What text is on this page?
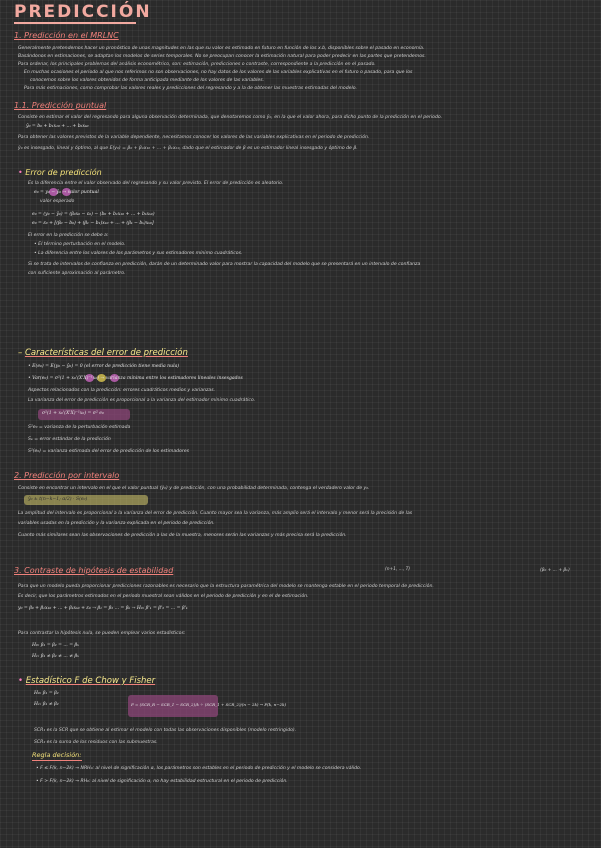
PREDICCIÓN
1. Predicción en el MRLNC
Generalmente pretendemos hacer un pronóstico de unas magnitudes en las que su valor es estimado en futuro en función de los x.b, disponibles sobre el pasado en economía.
Basándonos en estimaciones, se adaptan los modelos de series temporales. No se preocupan conocer la estimación natural para poder predecir en las partes que pretendemos.
Para ordenar, los principales problemas del análisis econométrico, son: estimación, predicciones o contraste, correspondiente a la predicción en el pasado.
En muchas ocasiones el periodo al que nos referimos no son observaciones, no hay datos de los valores de las variables explicativas en el futuro o pasado, para que los
conocemos sobre los valores obtenidos de forma anticipada mediante de los valores de las variables.
Para más estimaciones, como comprobar las valores reales y predicciones del regresando y a la de obtener las muestras estimadas del modelo.
1.1. Predicción puntual
Consiste en estimar el valor del regresando para alguna observación determinada, que denotaremos como ŷ₀, en la que el valor ahora, para dicho punto de la predicción en el periodo.
ŷ₀ = b₀ + b₁x₁₀ + ... + bₖxₖ₀
Para obtener las valores previstos de la variable dependiente, necesitamos conocer los valores de las variables explicativas en el periodo de predicción.
ŷ₀ es insesgado, lineal y óptimo, al que E(y₀) = β₀ + β₁x₁₀ + ... + βₖxₖ₀, dado que el estimador de β es un estimador lineal insesgado y óptimo de β.
• Error de predicción
Es la diferencia entre el valor observado del regresando y su valor previsto. El error de predicción es aleatorio.
e₀ = y₀ − ŷ₀ → valor puntual
valor esperado
e₀ = (y₀ − ŷ₀) = (β₀x₀ − ε₀) − (b₀ + b₁x₁₀ + ... + bₖxₖ₀)
e₀ = ε₀ + [(β₀ − b₀) + (β₁ − b₁)x₁₀ + ... + (βₖ − bₖ)xₖ₀]
El error en la predicción se debe a:
• El término perturbación en el modelo.
• La diferencia entre los valores de los parámetros y sus estimadores mínimo cuadráticos.
Si se trata de intervalos de confianza en predicción, darán de un determinado valor para mostrar la capacidad del modelo que se presentará en un intervalo de confianza
con suficiente aproximación al parámetro.
– Características del error de predicción
• E(e₀) = E(y₀ − ŷ₀) = 0 (el error de predicción tiene media nula)
• Var(e₀) = σ²(1 + x₀'(X'X)⁻¹x₀) → varianza mínima entre los estimadores lineales insesgados
Aspectos relacionados con la predicción: errores cuadráticos medios y varianzas.
La varianza del error de predicción es proporcional a la varianza del estimador mínimo cuadrático.
σ²(1 + x₀'(X'X)⁻¹x₀) = σ² e₀
S²e₀ = varianza de la perturbación estimada
Sₑ = error estándar de la predicción
S²(e₀) = varianza estimada del error de predicción de los estimadores
2. Predicción por intervalo
Consiste en encontrar un intervalo en el que el valor puntual (ŷ₀) y de predicción, con una probabilidad determinada, contenga el verdadero valor de y₀.
ŷ₀ ± t(n−k−1; α/2) · S(e₀)
La amplitud del intervalo es proporcional a la varianza del error de predicción. Cuanto mayor sea la varianza, más amplio será el intervalo y menor será la precisión de las
variables usadas en la predicción y la varianza explicada en el periodo de predicción.
Cuanto más similares sean las observaciones de predicción a las de la muestra, menores serán las varianzas y más precisa será la predicción.
3. Contraste de hipótesis de estabilidad	(n+1, ..., T)	(β₀ + ... + βₖ)
Para que un modelo pueda proporcionar predicciones razonables es necesario que la estructura paramétrica del modelo se mantenga estable en el periodo temporal de predicción.
Es decir, que los parámetros estimados en el periodo muestral sean válidos en el periodo de predicción y en el de estimación.
y₀ = β₀ + β₁x₁₀ + ... + βₖxₖ₀ + ε₀ → β₁ = β₂ ... = βₖ → H₀: β'₁ = β'₂ = ... = β'ₖ
Para contrastar la hipótesis nula, se pueden emplear varios estadísticos:
H₀: β₁ = β₂ = ... = βₖ
H₁: β₁ ≠ β₂ ≠ ... ≠ βₖ
• Estadístico F de Chow y Fisher
H₀: β₁ = β₂
H₁: β₁ ≠ β₂	F = (SCR_R − SCR_1 − SCR_2)/k ÷ (SCR_1 + SCR_2)/(n − 2k) → F(k, n−2k)
SCR₁ es la SCR que se obtiene al estimar el modelo con todas las observaciones disponibles (modelo restringido).
SCR₂ es la suma de los residuos con las submuestras.
Regla decisión:
• F ≤ F(k, n−2k) → NRH₀: al nivel de significación α, los parámetros son estables en el periodo de predicción y el modelo se considera válido.
• F > F(k, n−2k) → RH₀: al nivel de significación α, no hay estabilidad estructural en el periodo de predicción.
